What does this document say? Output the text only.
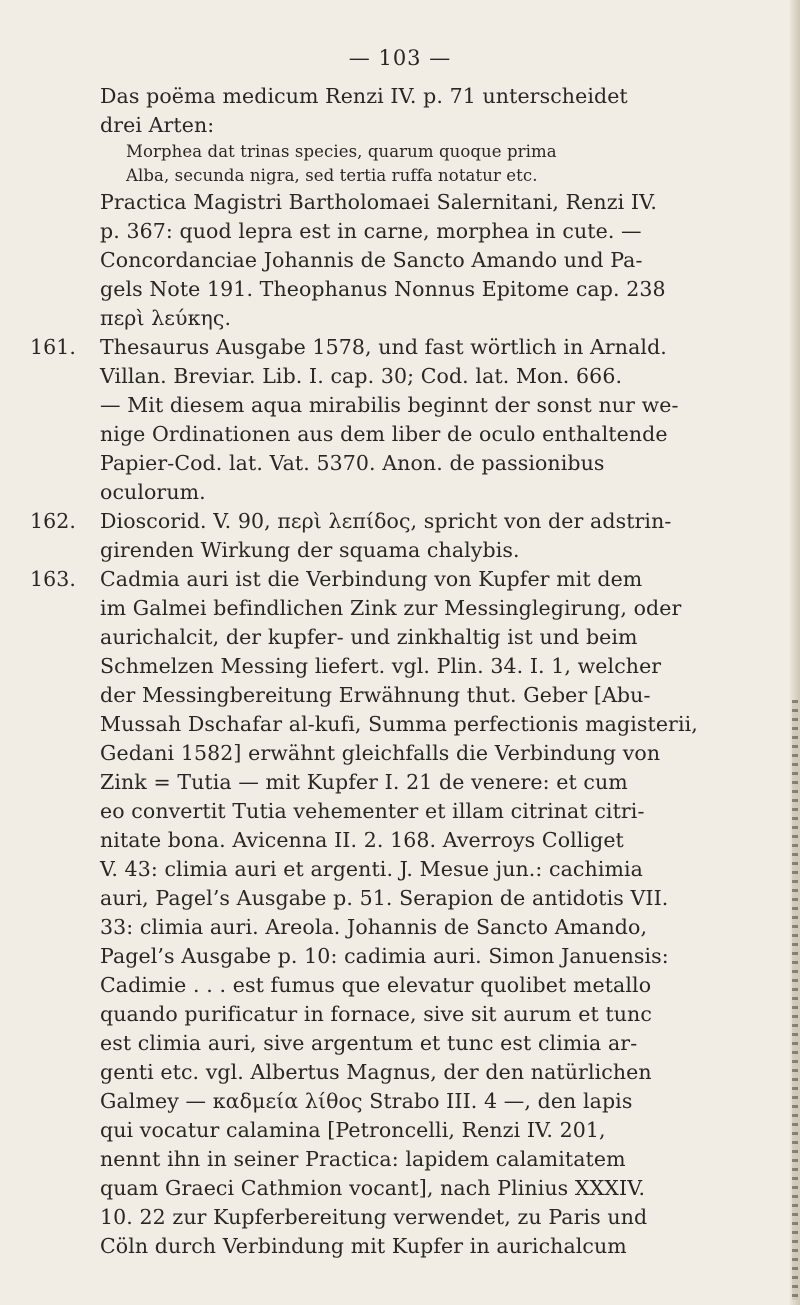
— 103 —
Das poëma medicum Renzi IV. p. 71 unterscheidet
drei Arten:
Morphea dat trinas species, quarum quoque prima
Alba, secunda nigra, sed tertia ruffa notatur etc.
Practica Magistri Bartholomaei Salernitani, Renzi IV.
p. 367: quod lepra est in carne, morphea in cute. —
Concordanciae Johannis de Sancto Amando und Pa-
gels Note 191. Theophanus Nonnus Epitome cap. 238
περὶ λεύκης.
161. Thesaurus Ausgabe 1578, und fast wörtlich in Arnald.
Villan. Breviar. Lib. I. cap. 30; Cod. lat. Mon. 666.
— Mit diesem aqua mirabilis beginnt der sonst nur we-
nige Ordinationen aus dem liber de oculo enthaltende
Papier-Cod. lat. Vat. 5370. Anon. de passionibus
oculorum.
162. Dioscorid. V. 90, περὶ λεπίδος, spricht von der adstrin-
girenden Wirkung der squama chalybis.
163. Cadmia auri ist die Verbindung von Kupfer mit dem
im Galmei befindlichen Zink zur Messinglegirung, oder
aurichalcit, der kupfer- und zinkhaltig ist und beim
Schmelzen Messing liefert. vgl. Plin. 34. I. 1, welcher
der Messingbereitung Erwähnung thut. Geber [Abu-
Mussah Dschafar al-kufi, Summa perfectionis magisterii,
Gedani 1582] erwähnt gleichfalls die Verbindung von
Zink = Tutia — mit Kupfer I. 21 de venere: et cum
eo convertit Tutia vehementer et illam citrinat citri-
nitate bona. Avicenna II. 2. 168. Averroys Colliget
V. 43: climia auri et argenti. J. Mesue jun.: cachimia
auri, Pagel’s Ausgabe p. 51. Serapion de antidotis VII.
33: climia auri. Areola. Johannis de Sancto Amando,
Pagel’s Ausgabe p. 10: cadimia auri. Simon Januensis:
Cadimie . . . est fumus que elevatur quolibet metallo
quando purificatur in fornace, sive sit aurum et tunc
est climia auri, sive argentum et tunc est climia ar-
genti etc. vgl. Albertus Magnus, der den natürlichen
Galmey — καδμεία λίθος Strabo III. 4 —, den lapis
qui vocatur calamina [Petroncelli, Renzi IV. 201,
nennt ihn in seiner Practica: lapidem calamitatem
quam Graeci Cathmion vocant], nach Plinius XXXIV.
10. 22 zur Kupferbereitung verwendet, zu Paris und
Cöln durch Verbindung mit Kupfer in aurichalcum
